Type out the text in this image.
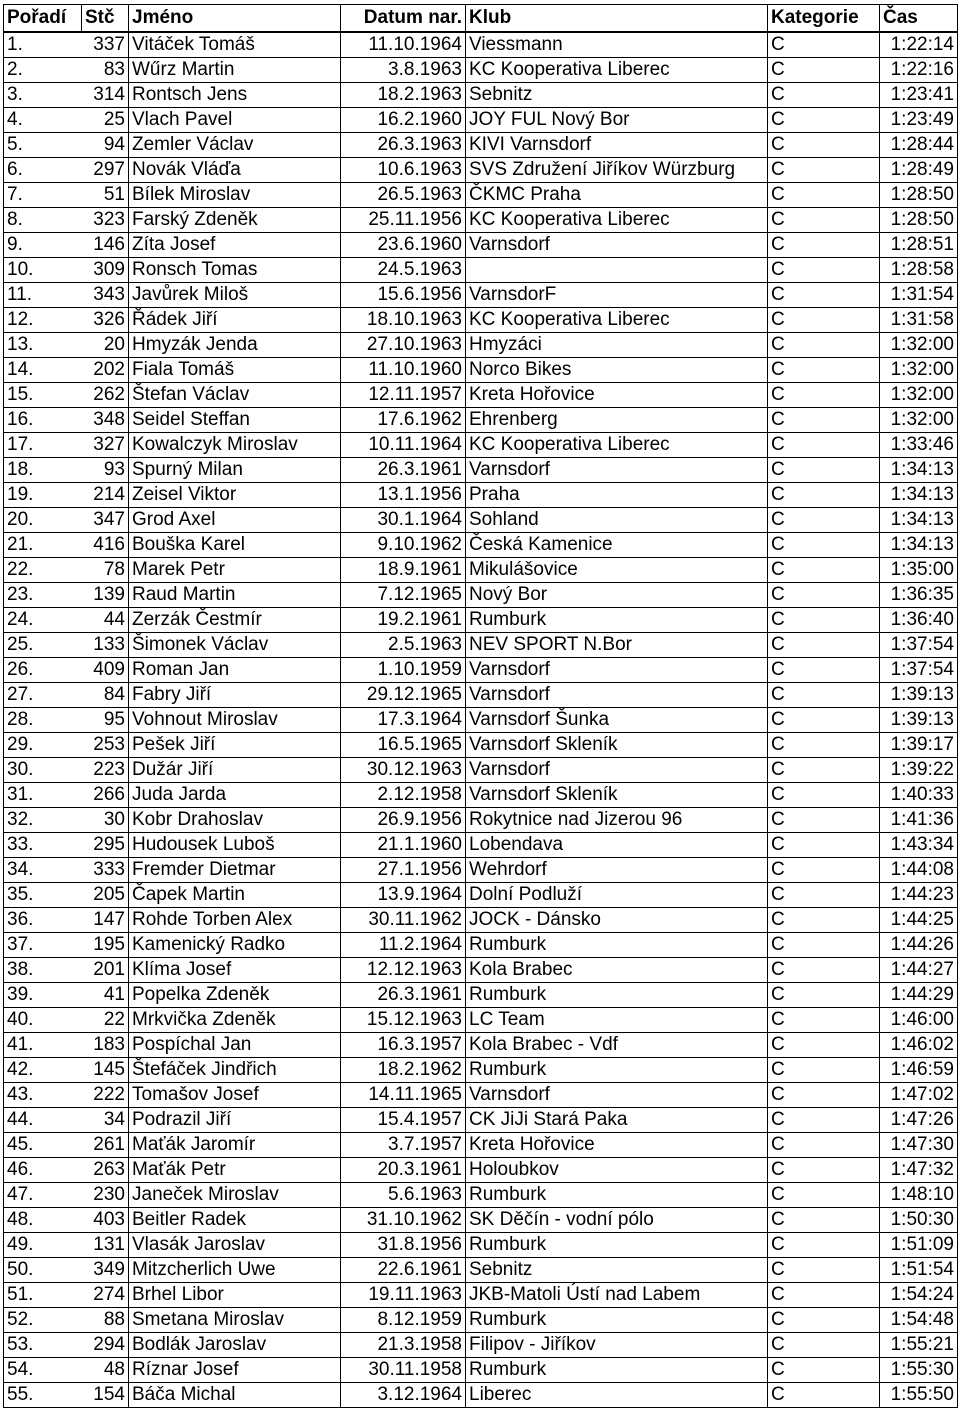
Pořadí	Stč	Jméno	Datum nar.	Klub	Kategorie	Čas
1.	337	Vitáček Tomáš	11.10.1964	Viessmann	C	1:22:14
2.	83	Wűrz Martin	3.8.1963	KC Kooperativa Liberec	C	1:22:16
3.	314	Rontsch Jens	18.2.1963	Sebnitz	C	1:23:41
4.	25	Vlach Pavel	16.2.1960	JOY FUL Nový Bor	C	1:23:49
5.	94	Zemler Václav	26.3.1963	KIVI Varnsdorf	C	1:28:44
6.	297	Novák Vláďa	10.6.1963	SVS Združení Jiříkov Würzburg	C	1:28:49
7.	51	Bílek Miroslav	26.5.1963	ČKMC Praha	C	1:28:50
8.	323	Farský Zdeněk	25.11.1956	KC Kooperativa Liberec	C	1:28:50
9.	146	Zíta Josef	23.6.1960	Varnsdorf	C	1:28:51
10.	309	Ronsch Tomas	24.5.1963		C	1:28:58
11.	343	Javůrek Miloš	15.6.1956	VarnsdorF	C	1:31:54
12.	326	Řádek Jiří	18.10.1963	KC Kooperativa Liberec	C	1:31:58
13.	20	Hmyzák Jenda	27.10.1963	Hmyzáci	C	1:32:00
14.	202	Fiala Tomáš	11.10.1960	Norco Bikes	C	1:32:00
15.	262	Štefan Václav	12.11.1957	Kreta Hořovice	C	1:32:00
16.	348	Seidel Steffan	17.6.1962	Ehrenberg	C	1:32:00
17.	327	Kowalczyk Miroslav	10.11.1964	KC Kooperativa Liberec	C	1:33:46
18.	93	Spurný Milan	26.3.1961	Varnsdorf	C	1:34:13
19.	214	Zeisel Viktor	13.1.1956	Praha	C	1:34:13
20.	347	Grod Axel	30.1.1964	Sohland	C	1:34:13
21.	416	Bouška Karel	9.10.1962	Česká Kamenice	C	1:34:13
22.	78	Marek Petr	18.9.1961	Mikulášovice	C	1:35:00
23.	139	Raud Martin	7.12.1965	Nový Bor	C	1:36:35
24.	44	Zerzák Čestmír	19.2.1961	Rumburk	C	1:36:40
25.	133	Šimonek Václav	2.5.1963	NEV SPORT N.Bor	C	1:37:54
26.	409	Roman Jan	1.10.1959	Varnsdorf	C	1:37:54
27.	84	Fabry Jiří	29.12.1965	Varnsdorf	C	1:39:13
28.	95	Vohnout Miroslav	17.3.1964	Varnsdorf Šunka	C	1:39:13
29.	253	Pešek Jiří	16.5.1965	Varnsdorf Skleník	C	1:39:17
30.	223	Dužár Jiří	30.12.1963	Varnsdorf	C	1:39:22
31.	266	Juda Jarda	2.12.1958	Varnsdorf Skleník	C	1:40:33
32.	30	Kobr Drahoslav	26.9.1956	Rokytnice nad Jizerou 96	C	1:41:36
33.	295	Hudousek Luboš	21.1.1960	Lobendava	C	1:43:34
34.	333	Fremder Dietmar	27.1.1956	Wehrdorf	C	1:44:08
35.	205	Čapek Martin	13.9.1964	Dolní Podluží	C	1:44:23
36.	147	Rohde Torben Alex	30.11.1962	JOCK - Dánsko	C	1:44:25
37.	195	Kamenický Radko	11.2.1964	Rumburk	C	1:44:26
38.	201	Klíma Josef	12.12.1963	Kola Brabec	C	1:44:27
39.	41	Popelka Zdeněk	26.3.1961	Rumburk	C	1:44:29
40.	22	Mrkvička Zdeněk	15.12.1963	LC Team	C	1:46:00
41.	183	Pospíchal Jan	16.3.1957	Kola Brabec - Vdf	C	1:46:02
42.	145	Štefáček Jindřich	18.2.1962	Rumburk	C	1:46:59
43.	222	Tomašov Josef	14.11.1965	Varnsdorf	C	1:47:02
44.	34	Podrazil Jiří	15.4.1957	CK JiJi Stará Paka	C	1:47:26
45.	261	Maťák Jaromír	3.7.1957	Kreta Hořovice	C	1:47:30
46.	263	Maťák Petr	20.3.1961	Holoubkov	C	1:47:32
47.	230	Janeček Miroslav	5.6.1963	Rumburk	C	1:48:10
48.	403	Beitler Radek	31.10.1962	SK Děčín - vodní pólo	C	1:50:30
49.	131	Vlasák Jaroslav	31.8.1956	Rumburk	C	1:51:09
50.	349	Mitzcherlich Uwe	22.6.1961	Sebnitz	C	1:51:54
51.	274	Brhel Libor	19.11.1963	JKB-Matoli Ústí nad Labem	C	1:54:24
52.	88	Smetana Miroslav	8.12.1959	Rumburk	C	1:54:48
53.	294	Bodlák Jaroslav	21.3.1958	Filipov - Jiříkov	C	1:55:21
54.	48	Ríznar Josef	30.11.1958	Rumburk	C	1:55:30
55.	154	Báča Michal	3.12.1964	Liberec	C	1:55:50
